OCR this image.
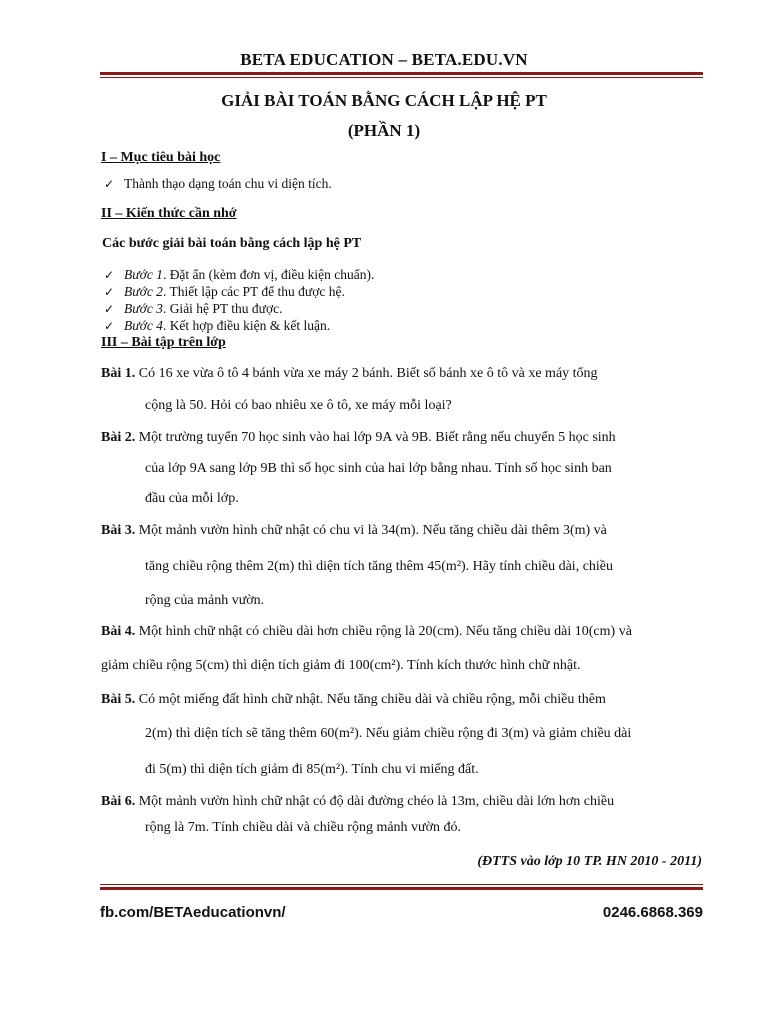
BETA EDUCATION – BETA.EDU.VN
GIẢI BÀI TOÁN BẰNG CÁCH LẬP HỆ PT
(PHẦN 1)
I – Mục tiêu bài học
✓ Thành thạo dạng toán chu vi diện tích.
II – Kiến thức cần nhớ
Các bước giải bài toán bằng cách lập hệ PT
✓ Bước 1 . Đặt ẩn (kèm đơn vị, điều kiện chuẩn).
✓ Bước 2 . Thiết lập các PT để thu được hệ.
✓ Bước 3 . Giải hệ PT thu được.
✓ Bước 4 . Kết hợp điều kiện & kết luận.
III – Bài tập trên lớp
Bài 1. Có 16 xe vừa ô tô 4 bánh vừa xe máy 2 bánh. Biết số bánh xe ô tô và xe máy tổng
cộng là 50. Hỏi có bao nhiêu xe ô tô, xe máy mỗi loại?
Bài 2. Một trường tuyển 70 học sinh vào hai lớp 9A và 9B. Biết rằng nếu chuyển 5 học sinh
của lớp 9A sang lớp 9B thì số học sinh của hai lớp bằng nhau. Tính số học sinh ban
đầu của mỗi lớp.
Bài 3. Một mảnh vườn hình chữ nhật có chu vi là 34(m). Nếu tăng chiều dài thêm 3(m) và
tăng chiều rộng thêm 2(m) thì diện tích tăng thêm 45(m²). Hãy tính chiều dài, chiều
rộng của mảnh vườn.
Bài 4. Một hình chữ nhật có chiều dài hơn chiều rộng là 20(cm). Nếu tăng chiều dài 10(cm) và
giảm chiều rộng 5(cm) thì diện tích giảm đi 100(cm²). Tính kích thước hình chữ nhật.
Bài 5. Có một miếng đất hình chữ nhật. Nếu tăng chiều dài và chiều rộng, mỗi chiều thêm
2(m) thì diện tích sẽ tăng thêm 60(m²). Nếu giảm chiều rộng đi 3(m) và giảm chiều dài
đi 5(m) thì diện tích giảm đi 85(m²). Tính chu vi miếng đất.
Bài 6. Một mảnh vườn hình chữ nhật có độ dài đường chéo là 13m, chiều dài lớn hơn chiều
rộng là 7m. Tính chiều dài và chiều rộng mảnh vườn đó.
(ĐTTS vào lớp 10 TP. HN 2010 - 2011)
fb.com/BETAeducationvn/	0246.6868.369
